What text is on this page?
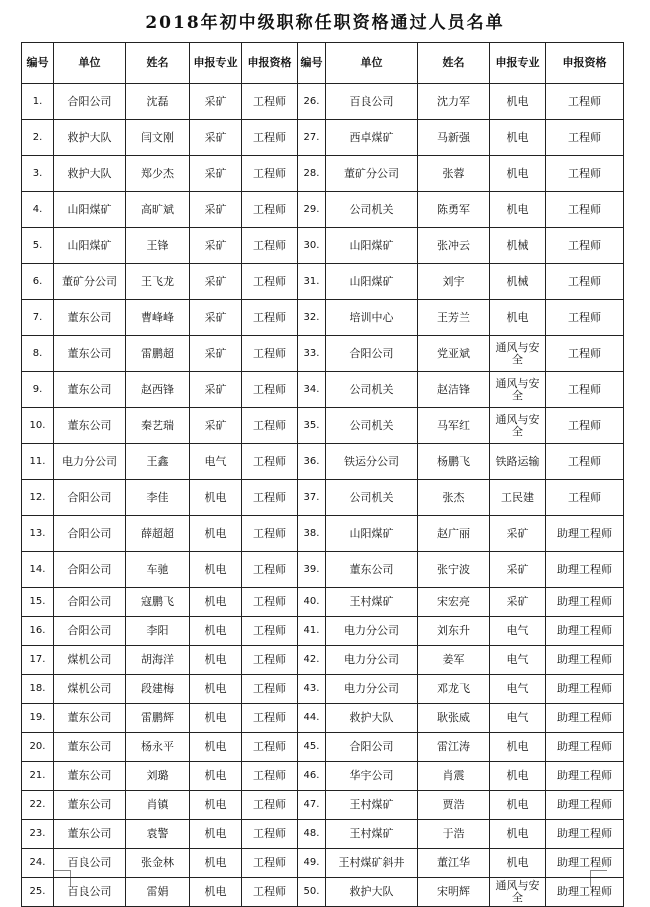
2018年初中级职称任职资格通过人员名单
编号	单位	姓名	申报专业	申报资格	编号	单位	姓名	申报专业	申报资格
1.	合阳公司	沈磊	采矿	工程师	26.	百良公司	沈力军	机电	工程师
2.	救护大队	闫文刚	采矿	工程师	27.	西卓煤矿	马新强	机电	工程师
3.	救护大队	郑少杰	采矿	工程师	28.	董矿分公司	张蓉	机电	工程师
4.	山阳煤矿	高旷斌	采矿	工程师	29.	公司机关	陈勇军	机电	工程师
5.	山阳煤矿	王锋	采矿	工程师	30.	山阳煤矿	张冲云	机械	工程师
6.	董矿分公司	王飞龙	采矿	工程师	31.	山阳煤矿	刘宇	机械	工程师
7.	董东公司	曹峰峰	采矿	工程师	32.	培训中心	王芳兰	机电	工程师
8.	董东公司	雷鹏超	采矿	工程师	33.	合阳公司	党亚斌	通风与安全	工程师
9.	董东公司	赵西锋	采矿	工程师	34.	公司机关	赵洁锋	通风与安全	工程师
10.	董东公司	秦艺瑞	采矿	工程师	35.	公司机关	马军红	通风与安全	工程师
11.	电力分公司	王鑫	电气	工程师	36.	铁运分公司	杨鹏飞	铁路运输	工程师
12.	合阳公司	李佳	机电	工程师	37.	公司机关	张杰	工民建	工程师
13.	合阳公司	薛超超	机电	工程师	38.	山阳煤矿	赵广丽	采矿	助理工程师
14.	合阳公司	车驰	机电	工程师	39.	董东公司	张宁波	采矿	助理工程师
15.	合阳公司	寇鹏飞	机电	工程师	40.	王村煤矿	宋宏亮	采矿	助理工程师
16.	合阳公司	李阳	机电	工程师	41.	电力分公司	刘东升	电气	助理工程师
17.	煤机公司	胡海洋	机电	工程师	42.	电力分公司	姜军	电气	助理工程师
18.	煤机公司	段建梅	机电	工程师	43.	电力分公司	邓龙飞	电气	助理工程师
19.	董东公司	雷鹏辉	机电	工程师	44.	救护大队	耿张威	电气	助理工程师
20.	董东公司	杨永平	机电	工程师	45.	合阳公司	雷江涛	机电	助理工程师
21.	董东公司	刘璐	机电	工程师	46.	华宇公司	肖震	机电	助理工程师
22.	董东公司	肖镇	机电	工程师	47.	王村煤矿	贾浩	机电	助理工程师
23.	董东公司	袁警	机电	工程师	48.	王村煤矿	于浩	机电	助理工程师
24.	百良公司	张金林	机电	工程师	49.	王村煤矿斜井	董江华	机电	助理工程师
25.	百良公司	雷娟	机电	工程师	50.	救护大队	宋明辉	通风与安全	助理工程师
